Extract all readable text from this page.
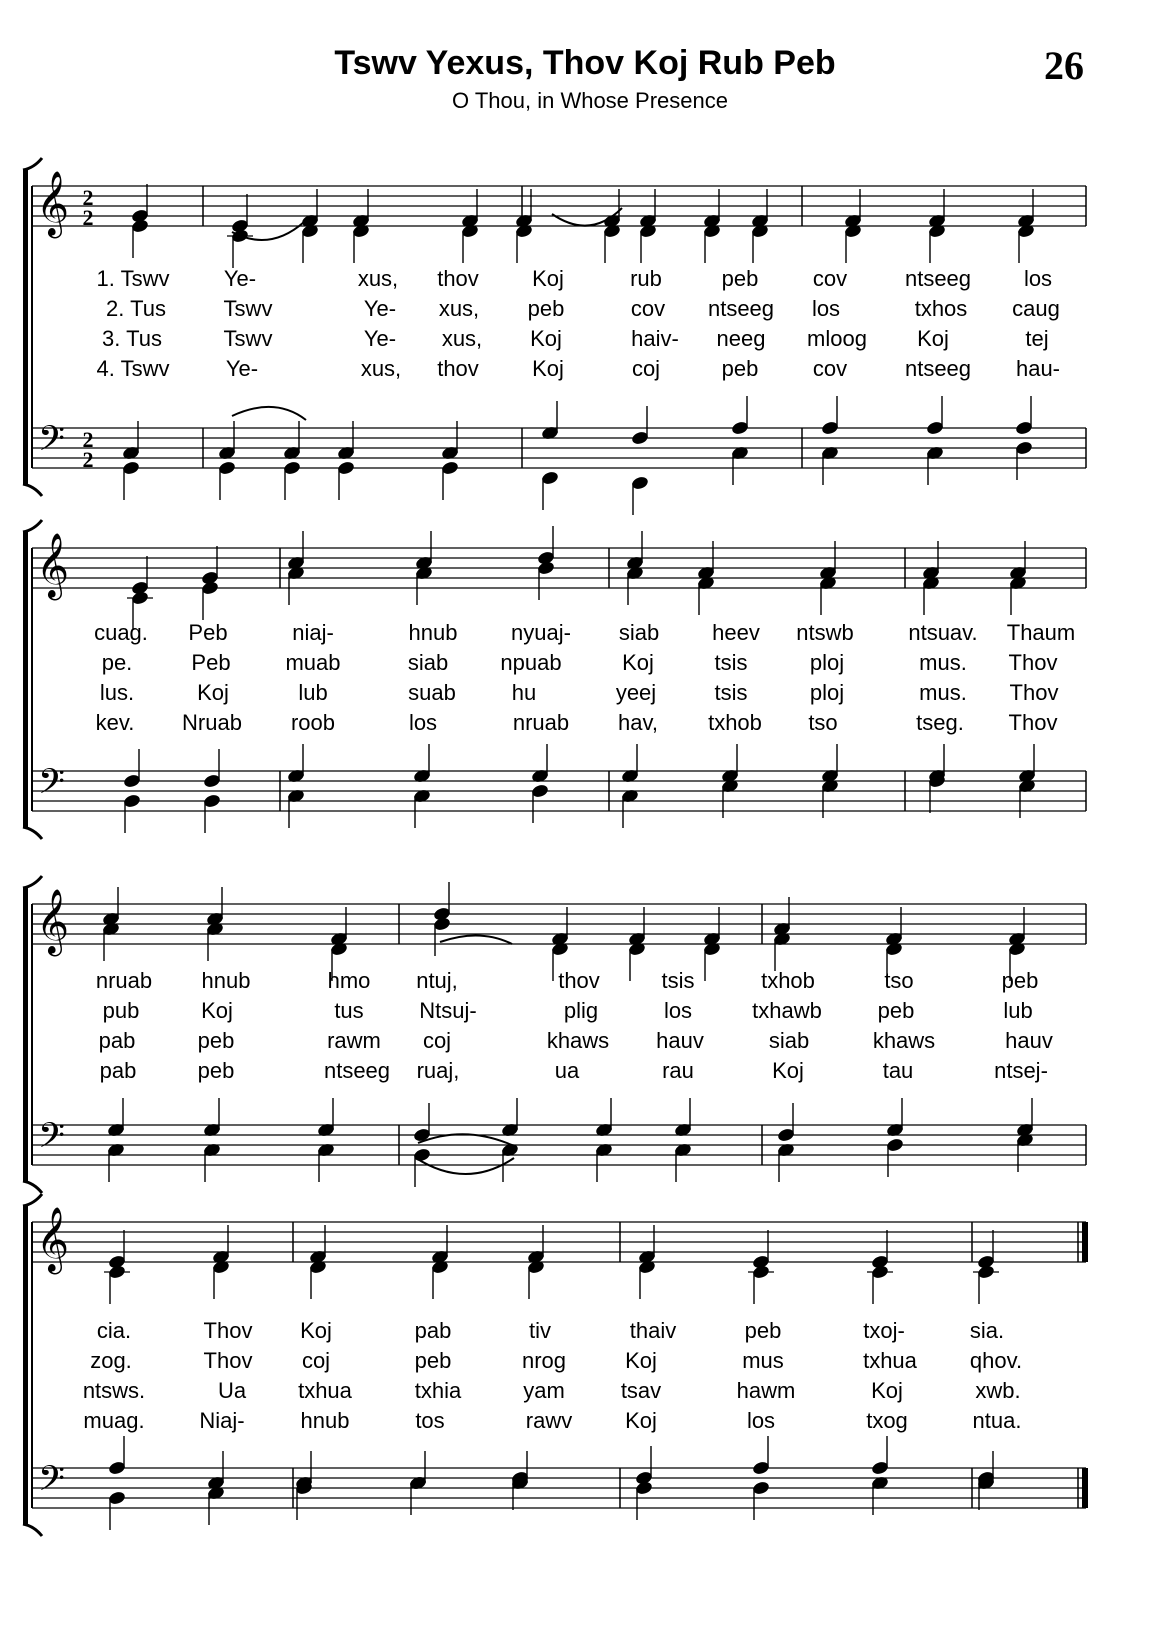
Tswv Yexus, Thov Koj Rub Peb
O Thou, in Whose Presence
26
𝄞
𝄢
2
2
2
2
𝄞
𝄢
𝄞
𝄢
𝄞
𝄢
1. Tswv Ye-	xus, thov Koj	rub	peb cov	ntseeg los
2. Tus	Tswv	Ye- xus, peb	cov ntseeg los	txhos caug
3. Tus	Tswv	Ye- xus, Koj	haiv- neeg mloog Koj	tej
4. Tswv	Ye-	xus, thov Koj	coj	peb cov	ntseeg hau-
cuag. Peb	niaj-	hnub nyuaj- siab heev ntswb ntsuav. Thaum
pe.	Peb muab	siab npuab	Koj	tsis	ploj	mus. Thov
lus.	Koj	lub	suab	hu	yeej	tsis	ploj	mus. Thov
kev. Nruab roob	los	nruab hav, txhob tso	tseg. Thov
nruab hnub	hmo ntuj,	thov	tsis	txhob	tso	peb
pub	Koj	tus	Ntsuj-	plig	los	txhawb	peb	lub
pab	peb	rawm coj	khaws hauv	siab	khaws	hauv
pab	peb	ntseeg ruaj,	ua	rau	Koj	tau	ntsej-
cia.	Thov Koj	pab	tiv	thaiv	peb	txoj-	sia.
zog.	Thov coj	peb	nrog	Koj	mus	txhua qhov.
ntsws.	Ua txhua	txhia	yam	tsav	hawm	Koj	xwb.
muag. Niaj-	hnub	tos	rawv Koj	los	txog	ntua.
